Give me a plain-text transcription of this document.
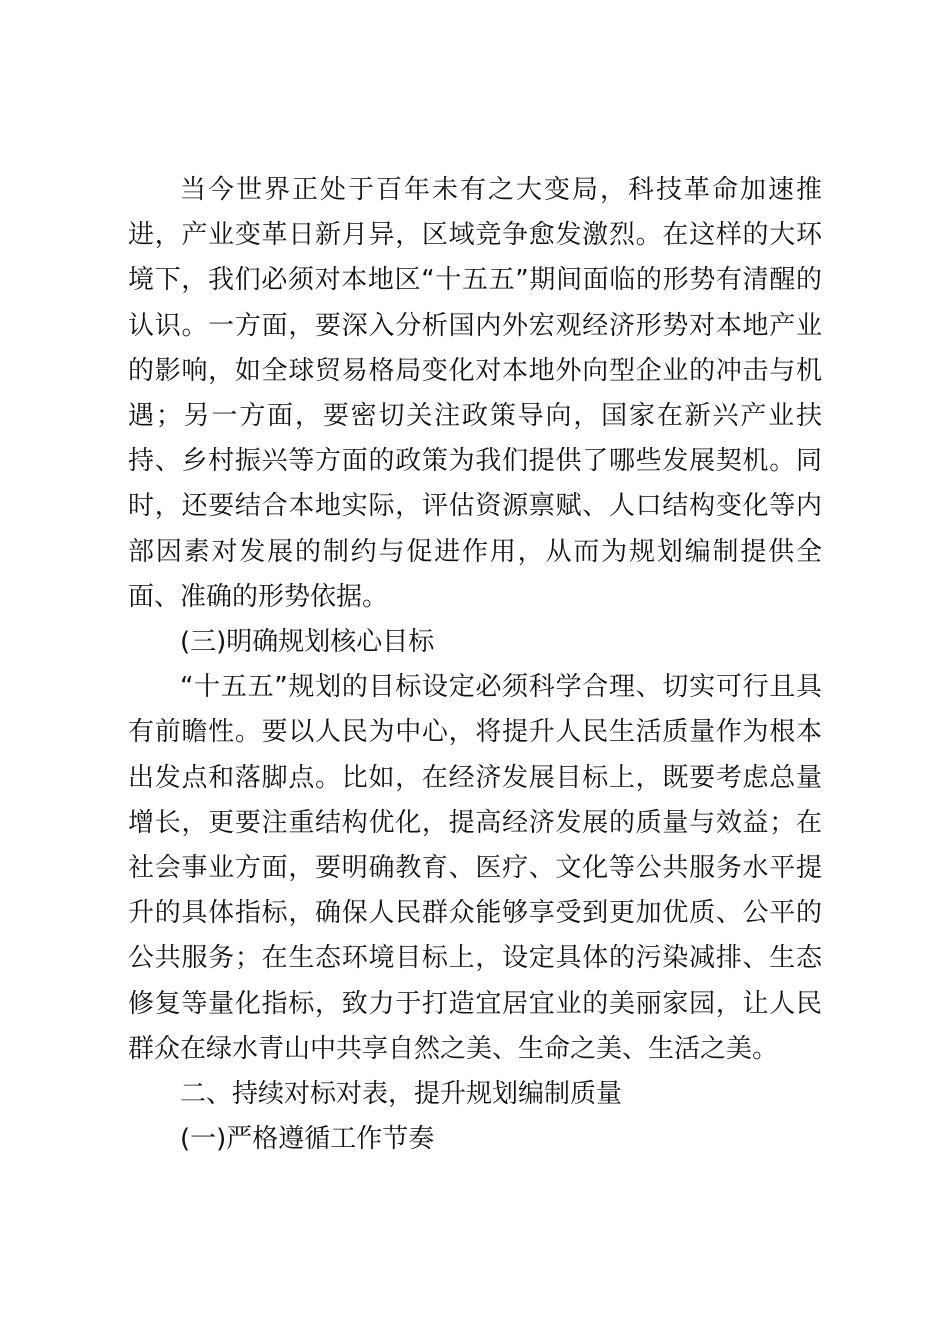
当今世界正处于百年未有之大变局，科技革命加速推进，产业变革日新月异，区域竞争愈发激烈。在这样的大环境下，我们必须对本地区“十五五”期间面临的形势有清醒的认识。一方面，要深入分析国内外宏观经济形势对本地产业的影响，如全球贸易格局变化对本地外向型企业的冲击与机遇；另一方面，要密切关注政策导向，国家在新兴产业扶持、乡村振兴等方面的政策为我们提供了哪些发展契机。同时，还要结合本地实际，评估资源禀赋、人口结构变化等内部因素对发展的制约与促进作用，从而为规划编制提供全面、准确的形势依据。

(三)明确规划核心目标

“十五五”规划的目标设定必须科学合理、切实可行且具有前瞻性。要以人民为中心，将提升人民生活质量作为根本出发点和落脚点。比如，在经济发展目标上，既要考虑总量增长，更要注重结构优化，提高经济发展的质量与效益；在社会事业方面，要明确教育、医疗、文化等公共服务水平提升的具体指标，确保人民群众能够享受到更加优质、公平的公共服务；在生态环境目标上，设定具体的污染减排、生态修复等量化指标，致力于打造宜居宜业的美丽家园，让人民群众在绿水青山中共享自然之美、生命之美、生活之美。

二、持续对标对表，提升规划编制质量

(一)严格遵循工作节奏
